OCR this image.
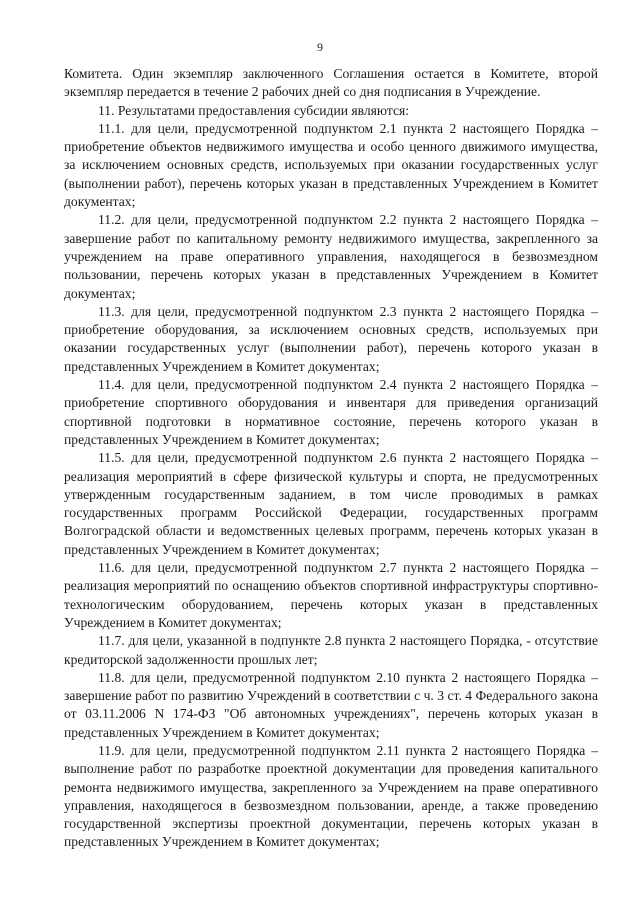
9

Комитета. Один экземпляр заключенного Соглашения остается в Комитете, второй экземпляр передается в течение 2 рабочих дней со дня подписания в Учреждение.

11. Результатами предоставления субсидии являются:

11.1. для цели, предусмотренной подпунктом 2.1 пункта 2 настоящего Порядка – приобретение объектов недвижимого имущества и особо ценного движимого имущества, за исключением основных средств, используемых при оказании государственных услуг (выполнении работ), перечень которых указан в представленных Учреждением в Комитет документах;

11.2. для цели, предусмотренной подпунктом 2.2 пункта 2 настоящего Порядка – завершение работ по капитальному ремонту недвижимого имущества, закрепленного за учреждением на праве оперативного управления, находящегося в безвозмездном пользовании, перечень которых указан в представленных Учреждением в Комитет документах;

11.3. для цели, предусмотренной подпунктом 2.3 пункта 2 настоящего Порядка – приобретение оборудования, за исключением основных средств, используемых при оказании государственных услуг (выполнении работ), перечень которого указан в представленных Учреждением в Комитет документах;

11.4. для цели, предусмотренной подпунктом 2.4 пункта 2 настоящего Порядка – приобретение спортивного оборудования и инвентаря для приведения организаций спортивной подготовки в нормативное состояние, перечень которого указан в представленных Учреждением в Комитет документах;

11.5. для цели, предусмотренной подпунктом 2.6 пункта 2 настоящего Порядка – реализация мероприятий в сфере физической культуры и спорта, не предусмотренных утвержденным государственным заданием, в том числе проводимых в рамках государственных программ Российской Федерации, государственных программ Волгоградской области и ведомственных целевых программ, перечень которых указан в представленных Учреждением в Комитет документах;

11.6. для цели, предусмотренной подпунктом 2.7 пункта 2 настоящего Порядка – реализация мероприятий по оснащению объектов спортивной инфраструктуры спортивно-технологическим оборудованием, перечень которых указан в представленных Учреждением в Комитет документах;

11.7. для цели, указанной в подпункте 2.8 пункта 2 настоящего Порядка, - отсутствие кредиторской задолженности прошлых лет;

11.8. для цели, предусмотренной подпунктом 2.10 пункта 2 настоящего Порядка – завершение работ по развитию Учреждений в соответствии с ч. 3 ст. 4 Федерального закона от 03.11.2006 N 174-ФЗ "Об автономных учреждениях", перечень которых указан в представленных Учреждением в Комитет документах;

11.9. для цели, предусмотренной подпунктом 2.11 пункта 2 настоящего Порядка – выполнение работ по разработке проектной документации для проведения капитального ремонта недвижимого имущества, закрепленного за Учреждением на праве оперативного управления, находящегося в безвозмездном пользовании, аренде, а также проведению государственной экспертизы проектной документации, перечень которых указан в представленных Учреждением в Комитет документах;
